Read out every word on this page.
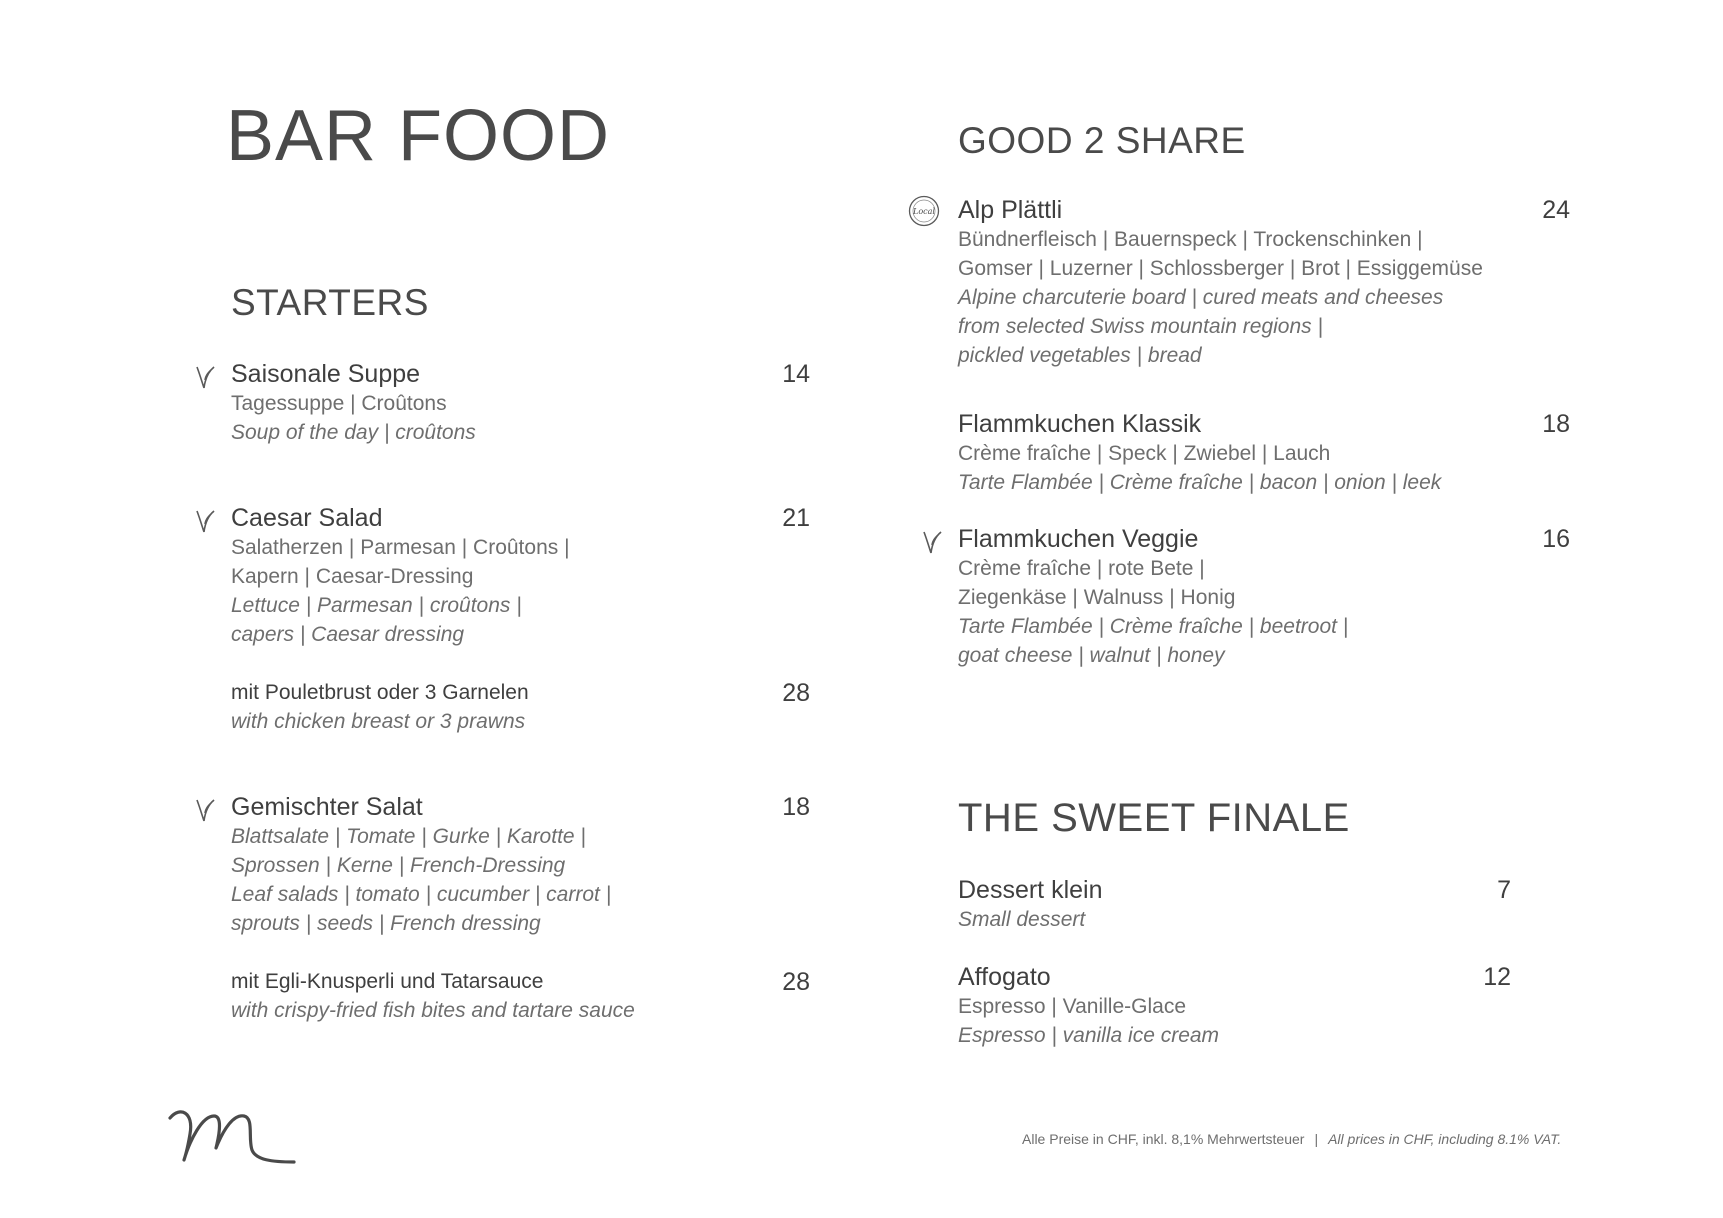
BAR FOOD
STARTERS
Saisonale Suppe
Tagessuppe | Croûtons
Soup of the day | croûtons
14
Caesar Salad
Salatherzen | Parmesan | Croûtons |
Kapern | Caesar-Dressing
Lettuce | Parmesan | croûtons |
capers | Caesar dressing
21
mit Pouletbrust oder 3 Garnelen
with chicken breast or 3 prawns
28
Gemischter Salat
Blattsalate | Tomate | Gurke | Karotte |
Sprossen | Kerne | French-Dressing
Leaf salads | tomato | cucumber | carrot |
sprouts | seeds | French dressing
18
mit Egli-Knusperli und Tatarsauce
with crispy-fried fish bites and tartare sauce
28
GOOD 2 SHARE
Local Alp Plättli
Bündnerfleisch | Bauernspeck | Trockenschinken |
Gomser | Luzerner | Schlossberger | Brot | Essiggemüse
Alpine charcuterie board | cured meats and cheeses
from selected Swiss mountain regions |
pickled vegetables | bread
24
Flammkuchen Klassik
Crème fraîche | Speck | Zwiebel | Lauch
Tarte Flambée | Crème fraîche | bacon | onion | leek
18
Flammkuchen Veggie
Crème fraîche | rote Bete |
Ziegenkäse | Walnuss | Honig
Tarte Flambée | Crème fraîche | beetroot |
goat cheese | walnut | honey
16
THE SWEET FINALE
Dessert klein
Small dessert
7
Affogato
Espresso | Vanille-Glace
Espresso | vanilla ice cream
12
Alle Preise in CHF, inkl. 8,1% Mehrwertsteuer | All prices in CHF, including 8.1% VAT.
